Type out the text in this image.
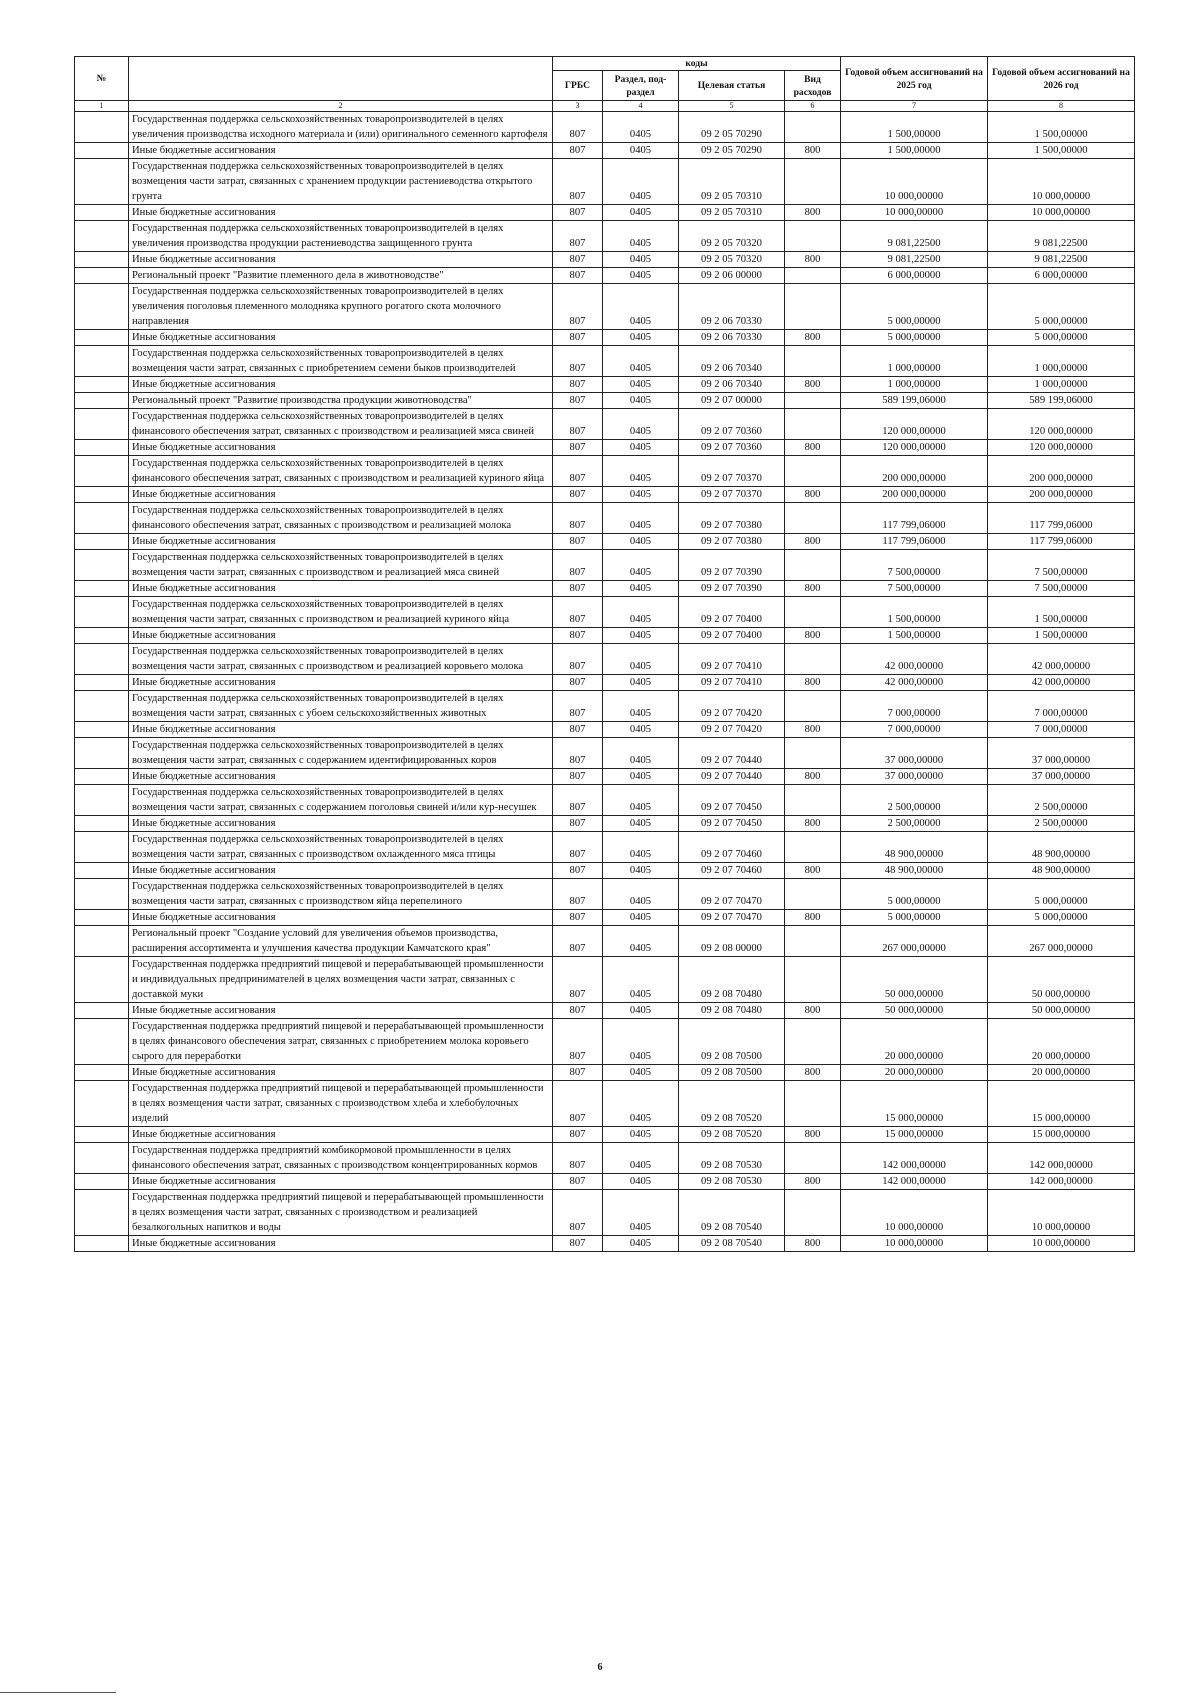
№		коды				Годовой объем ассигнований на 2025 год	Годовой объем ассигнований на 2026 год
		ГРБС	Раздел, под-раздел	Целевая статья	Вид расходов		
1	2	3	4	5	6	7	8
	Государственная поддержка сельскохозяйственных товаропроизводителей в целях увеличения производства исходного материала и (или) оригинального семенного картофеля	807	0405	09 2 05 70290		1 500,00000	1 500,00000
	Иные бюджетные ассигнования	807	0405	09 2 05 70290	800	1 500,00000	1 500,00000
	Государственная поддержка сельскохозяйственных товаропроизводителей в целях возмещения части затрат, связанных с хранением продукции растениеводства открытого грунта	807	0405	09 2 05 70310		10 000,00000	10 000,00000
	Иные бюджетные ассигнования	807	0405	09 2 05 70310	800	10 000,00000	10 000,00000
	Государственная поддержка сельскохозяйственных товаропроизводителей в целях увеличения производства продукции растениеводства защищенного грунта	807	0405	09 2 05 70320		9 081,22500	9 081,22500
	Иные бюджетные ассигнования	807	0405	09 2 05 70320	800	9 081,22500	9 081,22500
	Региональный проект "Развитие племенного дела в животноводстве"	807	0405	09 2 06 00000		6 000,00000	6 000,00000
	Государственная поддержка сельскохозяйственных товаропроизводителей в целях увеличения поголовья племенного молодняка крупного рогатого скота молочного направления	807	0405	09 2 06 70330		5 000,00000	5 000,00000
	Иные бюджетные ассигнования	807	0405	09 2 06 70330	800	5 000,00000	5 000,00000
	Государственная поддержка сельскохозяйственных товаропроизводителей в целях возмещения части затрат, связанных с приобретением семени быков производителей	807	0405	09 2 06 70340		1 000,00000	1 000,00000
	Иные бюджетные ассигнования	807	0405	09 2 06 70340	800	1 000,00000	1 000,00000
	Региональный проект "Развитие производства продукции животноводства"	807	0405	09 2 07 00000		589 199,06000	589 199,06000
	Государственная поддержка сельскохозяйственных товаропроизводителей в целях финансового обеспечения затрат, связанных с производством и реализацией мяса свиней	807	0405	09 2 07 70360		120 000,00000	120 000,00000
	Иные бюджетные ассигнования	807	0405	09 2 07 70360	800	120 000,00000	120 000,00000
	Государственная поддержка сельскохозяйственных товаропроизводителей в целях финансового обеспечения затрат, связанных с производством и реализацией куриного яйца	807	0405	09 2 07 70370		200 000,00000	200 000,00000
	Иные бюджетные ассигнования	807	0405	09 2 07 70370	800	200 000,00000	200 000,00000
	Государственная поддержка сельскохозяйственных товаропроизводителей в целях финансового обеспечения затрат, связанных с производством и реализацией молока	807	0405	09 2 07 70380		117 799,06000	117 799,06000
	Иные бюджетные ассигнования	807	0405	09 2 07 70380	800	117 799,06000	117 799,06000
	Государственная поддержка сельскохозяйственных товаропроизводителей в целях возмещения части затрат, связанных с производством и реализацией мяса свиней	807	0405	09 2 07 70390		7 500,00000	7 500,00000
	Иные бюджетные ассигнования	807	0405	09 2 07 70390	800	7 500,00000	7 500,00000
	Государственная поддержка сельскохозяйственных товаропроизводителей в целях возмещения части затрат, связанных с производством и реализацией куриного яйца	807	0405	09 2 07 70400		1 500,00000	1 500,00000
	Иные бюджетные ассигнования	807	0405	09 2 07 70400	800	1 500,00000	1 500,00000
	Государственная поддержка сельскохозяйственных товаропроизводителей в целях возмещения части затрат, связанных с производством и реализацией коровьего молока	807	0405	09 2 07 70410		42 000,00000	42 000,00000
	Иные бюджетные ассигнования	807	0405	09 2 07 70410	800	42 000,00000	42 000,00000
	Государственная поддержка сельскохозяйственных товаропроизводителей в целях возмещения части затрат, связанных с убоем сельскохозяйственных животных	807	0405	09 2 07 70420		7 000,00000	7 000,00000
	Иные бюджетные ассигнования	807	0405	09 2 07 70420	800	7 000,00000	7 000,00000
	Государственная поддержка сельскохозяйственных товаропроизводителей в целях возмещения части затрат, связанных с содержанием идентифицированных коров	807	0405	09 2 07 70440		37 000,00000	37 000,00000
	Иные бюджетные ассигнования	807	0405	09 2 07 70440	800	37 000,00000	37 000,00000
	Государственная поддержка сельскохозяйственных товаропроизводителей в целях возмещения части затрат, связанных с содержанием поголовья свиней и/или кур-несушек	807	0405	09 2 07 70450		2 500,00000	2 500,00000
	Иные бюджетные ассигнования	807	0405	09 2 07 70450	800	2 500,00000	2 500,00000
	Государственная поддержка сельскохозяйственных товаропроизводителей в целях возмещения части затрат, связанных с производством охлажденного мяса птицы	807	0405	09 2 07 70460		48 900,00000	48 900,00000
	Иные бюджетные ассигнования	807	0405	09 2 07 70460	800	48 900,00000	48 900,00000
	Государственная поддержка сельскохозяйственных товаропроизводителей в целях возмещения части затрат, связанных с производством яйца перепелиного	807	0405	09 2 07 70470		5 000,00000	5 000,00000
	Иные бюджетные ассигнования	807	0405	09 2 07 70470	800	5 000,00000	5 000,00000
	Региональный проект "Создание условий для увеличения объемов производства, расширения ассортимента и улучшения качества продукции Камчатского края"	807	0405	09 2 08 00000		267 000,00000	267 000,00000
	Государственная поддержка предприятий пищевой и перерабатывающей промышленности и индивидуальных предпринимателей в целях возмещения части затрат, связанных с доставкой муки	807	0405	09 2 08 70480		50 000,00000	50 000,00000
	Иные бюджетные ассигнования	807	0405	09 2 08 70480	800	50 000,00000	50 000,00000
	Государственная поддержка предприятий пищевой и перерабатывающей промышленности в целях финансового обеспечения затрат, связанных с приобретением молока коровьего сырого для переработки	807	0405	09 2 08 70500		20 000,00000	20 000,00000
	Иные бюджетные ассигнования	807	0405	09 2 08 70500	800	20 000,00000	20 000,00000
	Государственная поддержка предприятий пищевой и перерабатывающей промышленности в целях возмещения части затрат, связанных с производством хлеба и хлебобулочных изделий	807	0405	09 2 08 70520		15 000,00000	15 000,00000
	Иные бюджетные ассигнования	807	0405	09 2 08 70520	800	15 000,00000	15 000,00000
	Государственная поддержка предприятий комбикормовой промышленности в целях финансового обеспечения затрат, связанных с производством концентрированных кормов	807	0405	09 2 08 70530		142 000,00000	142 000,00000
	Иные бюджетные ассигнования	807	0405	09 2 08 70530	800	142 000,00000	142 000,00000
	Государственная поддержка предприятий пищевой и перерабатывающей промышленности в целях возмещения части затрат, связанных с производством и реализацией безалкогольных напитков и воды	807	0405	09 2 08 70540		10 000,00000	10 000,00000
	Иные бюджетные ассигнования	807	0405	09 2 08 70540	800	10 000,00000	10 000,00000
6
